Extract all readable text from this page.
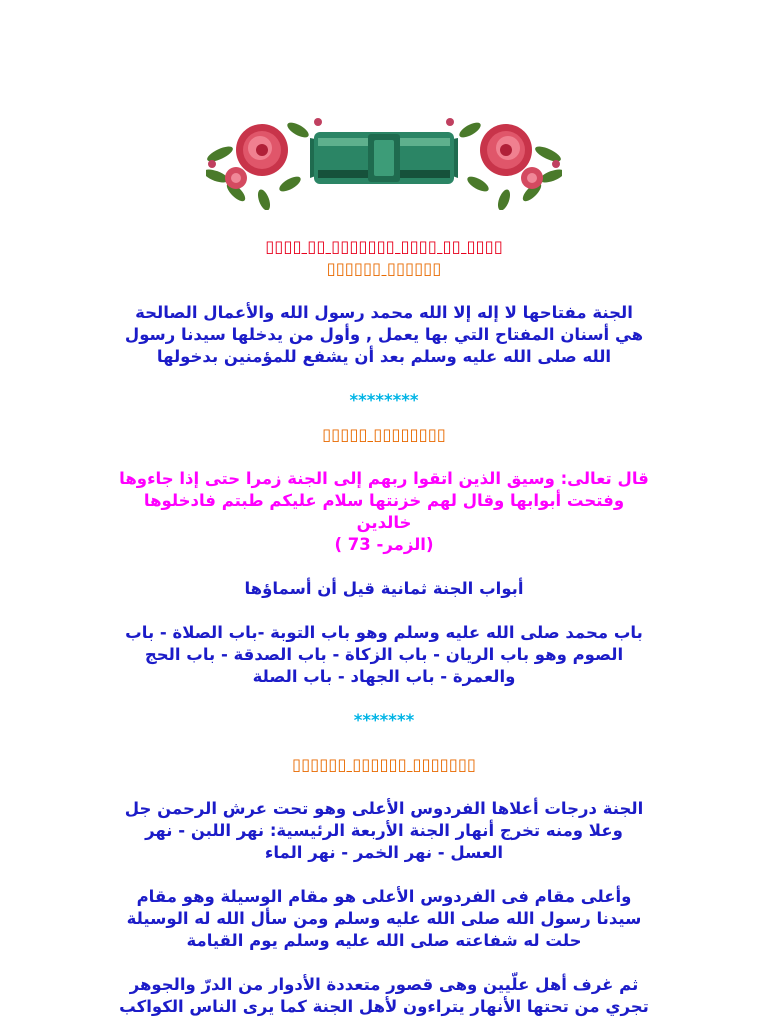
▯▯▯▯ ▯▯ ▯▯▯▯ ▯▯▯▯▯▯▯ ▯▯ ▯▯▯▯

▯▯▯▯▯▯ ▯▯▯▯▯▯

الجنة مفتاحها لا إله إلا الله محمد رسول الله والأعمال الصالحة

هي أسنان المفتاح التي بها يعمل , وأول من يدخلها سيدنا رسول

الله صلى الله عليه وسلم بعد أن يشفع للمؤمنين بدخولها

********

▯▯▯▯▯▯▯▯ ▯▯▯▯▯

قال تعالى: وسيق الذين اتقوا ربهم إلى الجنة زمرا حتى إذا جاءوها

وفتحت أبوابها وقال لهم خزنتها سلام عليكم طبتم فادخلوها

خالدين

(الزمر- 73 )

أبواب الجنة ثمانية قيل أن أسماؤها

باب محمد صلى الله عليه وسلم وهو باب التوبة -باب الصلاة - باب

الصوم وهو باب الريان - باب الزكاة - باب الصدقة - باب الحج

والعمرة - باب الجهاد - باب الصلة

*******

▯▯▯▯▯▯▯ ▯▯▯▯▯▯ ▯▯▯▯▯▯

الجنة درجات أعلاها الفردوس الأعلى وهو تحت عرش الرحمن جل

وعلا ومنه تخرج أنهار الجنة الأربعة الرئيسية: نهر اللبن - نهر

العسل - نهر الخمر - نهر الماء

وأعلى مقام فى الفردوس الأعلى هو مقام الوسيلة وهو مقام

سيدنا رسول الله صلى الله عليه وسلم ومن سأل الله له الوسيلة

حلت له شفاعته صلى الله عليه وسلم يوم القيامة

ثم غرف أهل علّيين وهى قصور متعددة الأدوار من الدرّ والجوهر

تجري من تحتها الأنهار يتراءون لأهل الجنة كما يرى الناس الكواكب
